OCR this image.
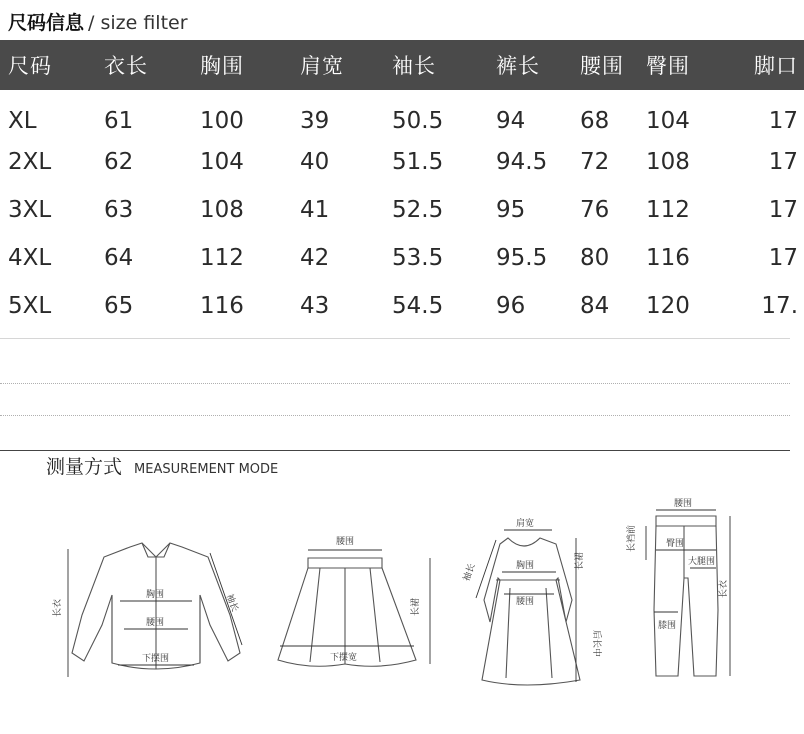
尺码信息 / size filter
尺码	衣长	胸围	肩宽	袖长	裤长	腰围	臀围	脚口
XL	61	100	39	50.5	94	68	104	17
2XL	62	104	40	51.5	94.5	72	108	17
3XL	63	108	41	52.5	95	76	112	17
4XL	64	112	42	53.5	95.5	80	116	17
5XL	65	116	43	54.5	96	84	120	17.
测量方式 MEASUREMENT MODE
胸围
腰围
下摆围
长衣	袖长
腰围
下摆宽
长裙
肩宽
胸围
腰围
袖长
长裙
后长中
腰围
臀围
大腿围
膝围
长衣
长裆前
